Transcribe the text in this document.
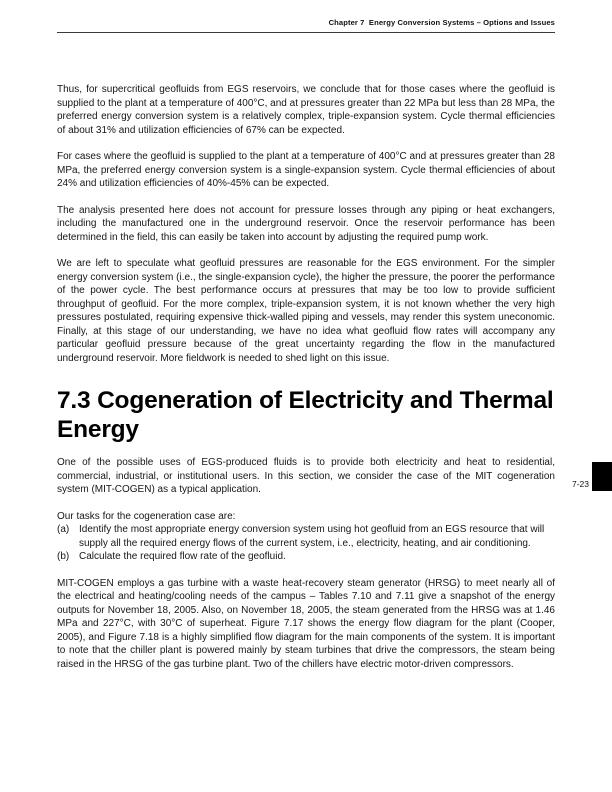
Chapter 7  Energy Conversion Systems – Options and Issues

Thus, for supercritical geofluids from EGS reservoirs, we conclude that for those cases where the geofluid is supplied to the plant at a temperature of 400°C, and at pressures greater than 22 MPa but less than 28 MPa, the preferred energy conversion system is a relatively complex, triple-expansion system. Cycle thermal efficiencies of about 31% and utilization efficiencies of 67% can be expected.

For cases where the geofluid is supplied to the plant at a temperature of 400°C and at pressures greater than 28 MPa, the preferred energy conversion system is a single-expansion system. Cycle thermal efficiencies of about 24% and utilization efficiencies of 40%-45% can be expected.

The analysis presented here does not account for pressure losses through any piping or heat exchangers, including the manufactured one in the underground reservoir. Once the reservoir performance has been determined in the field, this can easily be taken into account by adjusting the required pump work.

We are left to speculate what geofluid pressures are reasonable for the EGS environment. For the simpler energy conversion system (i.e., the single-expansion cycle), the higher the pressure, the poorer the performance of the power cycle. The best performance occurs at pressures that may be too low to provide sufficient throughput of geofluid. For the more complex, triple-expansion system, it is not known whether the very high pressures postulated, requiring expensive thick-walled piping and vessels, may render this system uneconomic. Finally, at this stage of our understanding, we have no idea what geofluid flow rates will accompany any particular geofluid pressure because of the great uncertainty regarding the flow in the manufactured underground reservoir. More fieldwork is needed to shed light on this issue.

7.3 Cogeneration of Electricity and Thermal Energy

One of the possible uses of EGS-produced fluids is to provide both electricity and heat to residential, commercial, industrial, or institutional users. In this section, we consider the case of the MIT cogeneration system (MIT-COGEN) as a typical application.

Our tasks for the cogeneration case are:

(a) Identify the most appropriate energy conversion system using hot geofluid from an EGS resource that will supply all the required energy flows of the current system, i.e., electricity, heating, and air conditioning.
(b) Calculate the required flow rate of the geofluid.

MIT-COGEN employs a gas turbine with a waste heat-recovery steam generator (HRSG) to meet nearly all of the electrical and heating/cooling needs of the campus – Tables 7.10 and 7.11 give a snapshot of the energy outputs for November 18, 2005. Also, on November 18, 2005, the steam generated from the HRSG was at 1.46 MPa and 227°C, with 30°C of superheat. Figure 7.17 shows the energy flow diagram for the plant (Cooper, 2005), and Figure 7.18 is a highly simplified flow diagram for the main components of the system. It is important to note that the chiller plant is powered mainly by steam turbines that drive the compressors, the steam being raised in the HRSG of the gas turbine plant. Two of the chillers have electric motor-driven compressors.

7-23
